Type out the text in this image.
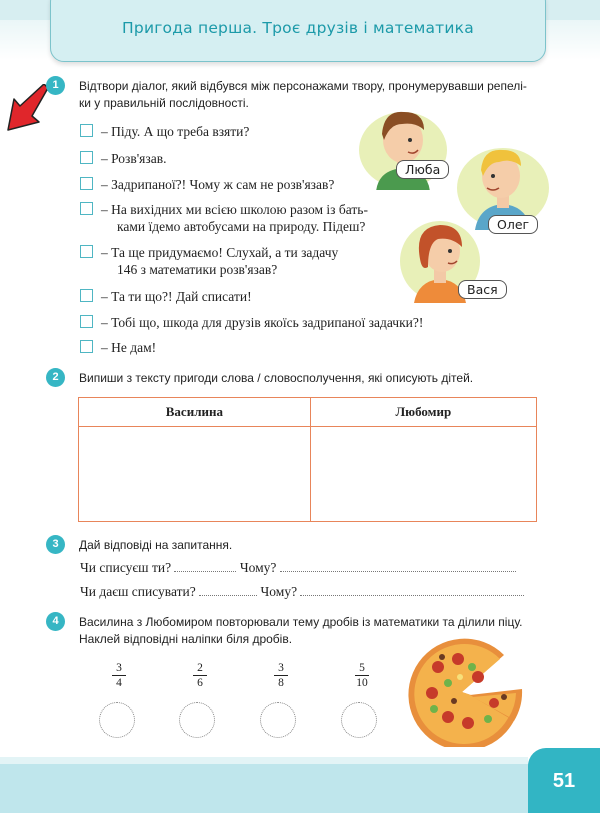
Пригода перша. Троє друзів і математика
1	Відтвори діалог, який відбувся між персонажами твору, пронумерувавши репелі-
ки у правильній послідовності.
– Піду. А що треба взяти?
– Розв'язав.
– Задрипаної?! Чому ж сам не розв'язав?
– На вихідних ми всією школою разом із бать-
ками їдемо автобусами на природу. Підеш?
– Та ще придумаємо! Слухай, а ти задачу
146 з математики розв'язав?
– Та ти що?! Дай списати!
– Тобі що, шкода для друзів якоїсь задрипаної задачки?!
– Не дам!
Люба
Олег
Вася
2	Випиши з тексту пригоди слова / словосполучення, які описують дітей.
Василина	Любомир

3	Дай відповіді на запитання.
Чи списуєш ти?	Чому?
Чи даєш списувати?	Чому?
4	Василина з Любомиром повторювали тему дробів із математики та ділили піцу.
Наклей відповідні наліпки біля дробів.
$\frac{3}{4}$	$\frac{2}{6}$	$\frac{3}{8}$	$\frac{5}{10}$
51
